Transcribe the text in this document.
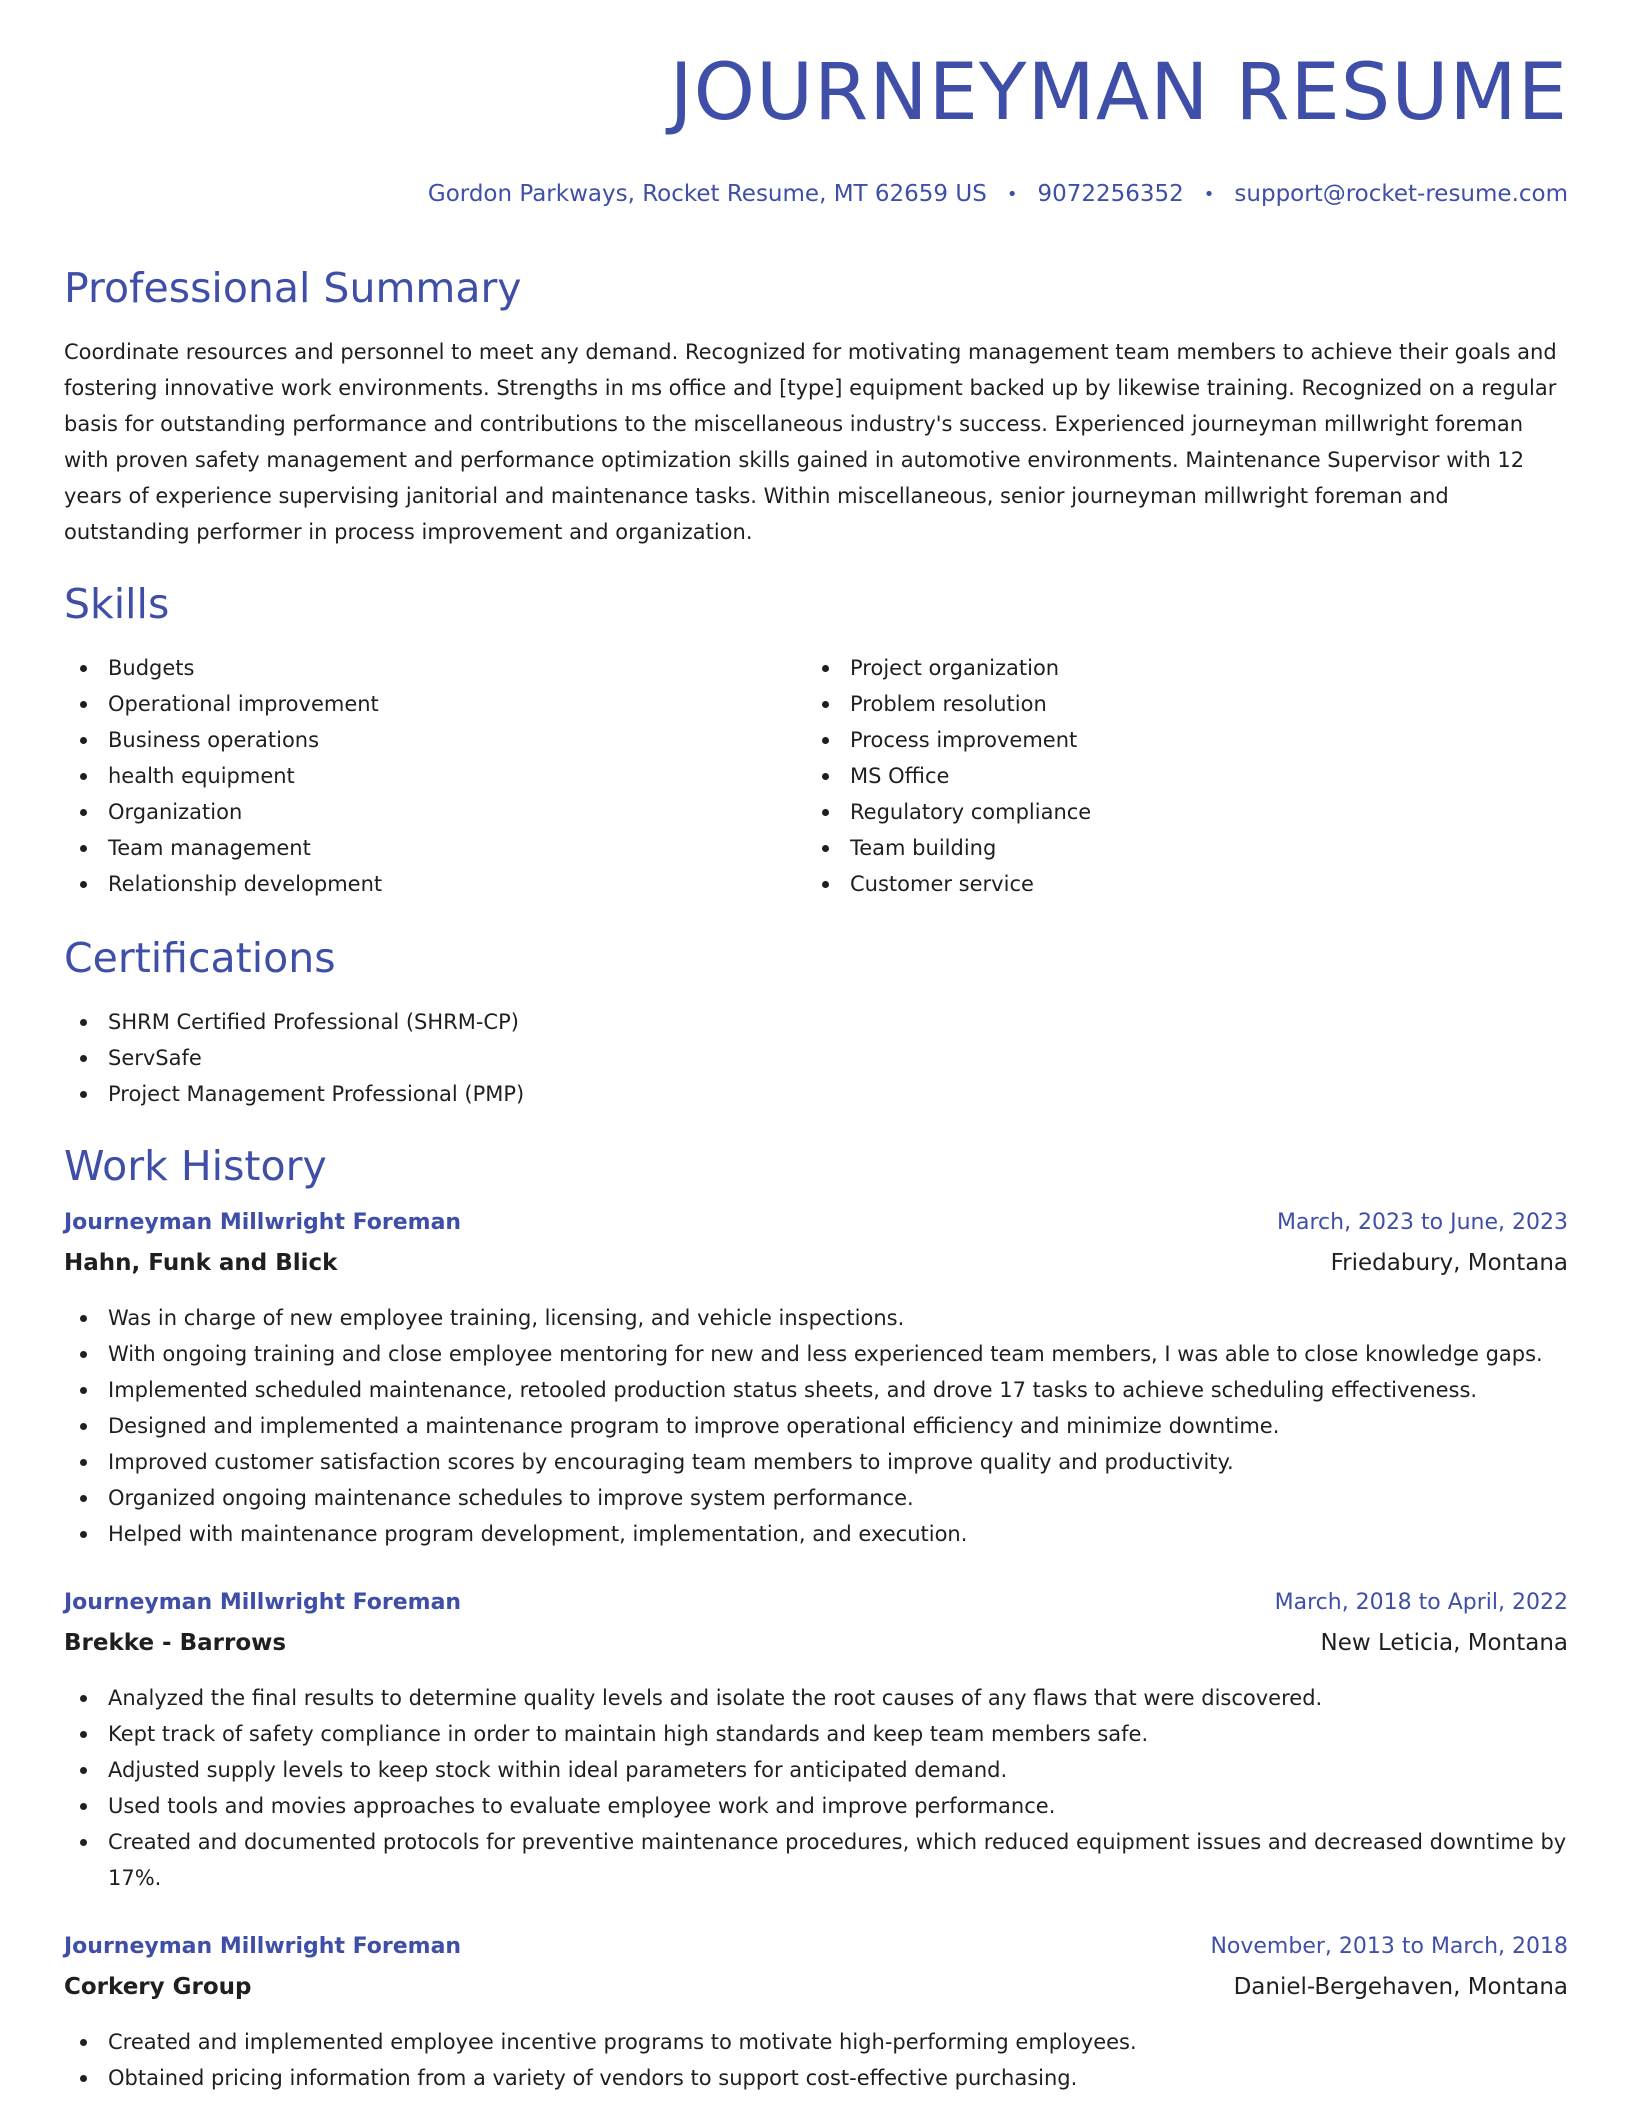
JOURNEYMAN RESUME
Gordon Parkways, Rocket Resume, MT 62659 US • 9072256352 • support@rocket-resume.com
Professional Summary

Coordinate resources and personnel to meet any demand. Recognized for motivating management team members to achieve their goals and fostering innovative work environments. Strengths in ms office and [type] equipment backed up by likewise training. Recognized on a regular basis for outstanding performance and contributions to the miscellaneous industry's success. Experienced journeyman millwright foreman with proven safety management and performance optimization skills gained in automotive environments. Maintenance Supervisor with 12 years of experience supervising janitorial and maintenance tasks. Within miscellaneous, senior journeyman millwright foreman and outstanding performer in process improvement and organization.

Skills
Budgets
Operational improvement
Business operations
health equipment
Organization
Team management
Relationship development
Project organization
Problem resolution
Process improvement
MS Office
Regulatory compliance
Team building
Customer service
Certifications
SHRM Certified Professional (SHRM-CP)
ServSafe
Project Management Professional (PMP)
Work History
Journeyman Millwright Foreman	March, 2023 to June, 2023
Hahn, Funk and Blick	Friedabury, Montana
Was in charge of new employee training, licensing, and vehicle inspections.
With ongoing training and close employee mentoring for new and less experienced team members, I was able to close knowledge gaps.
Implemented scheduled maintenance, retooled production status sheets, and drove 17 tasks to achieve scheduling effectiveness.
Designed and implemented a maintenance program to improve operational efficiency and minimize downtime.
Improved customer satisfaction scores by encouraging team members to improve quality and productivity.
Organized ongoing maintenance schedules to improve system performance.
Helped with maintenance program development, implementation, and execution.
Journeyman Millwright Foreman	March, 2018 to April, 2022
Brekke - Barrows	New Leticia, Montana
Analyzed the final results to determine quality levels and isolate the root causes of any flaws that were discovered.
Kept track of safety compliance in order to maintain high standards and keep team members safe.
Adjusted supply levels to keep stock within ideal parameters for anticipated demand.
Used tools and movies approaches to evaluate employee work and improve performance.
Created and documented protocols for preventive maintenance procedures, which reduced equipment issues and decreased downtime by 17%.
Journeyman Millwright Foreman	November, 2013 to March, 2018
Corkery Group	Daniel-Bergehaven, Montana
Created and implemented employee incentive programs to motivate high-performing employees.
Obtained pricing information from a variety of vendors to support cost-effective purchasing.
